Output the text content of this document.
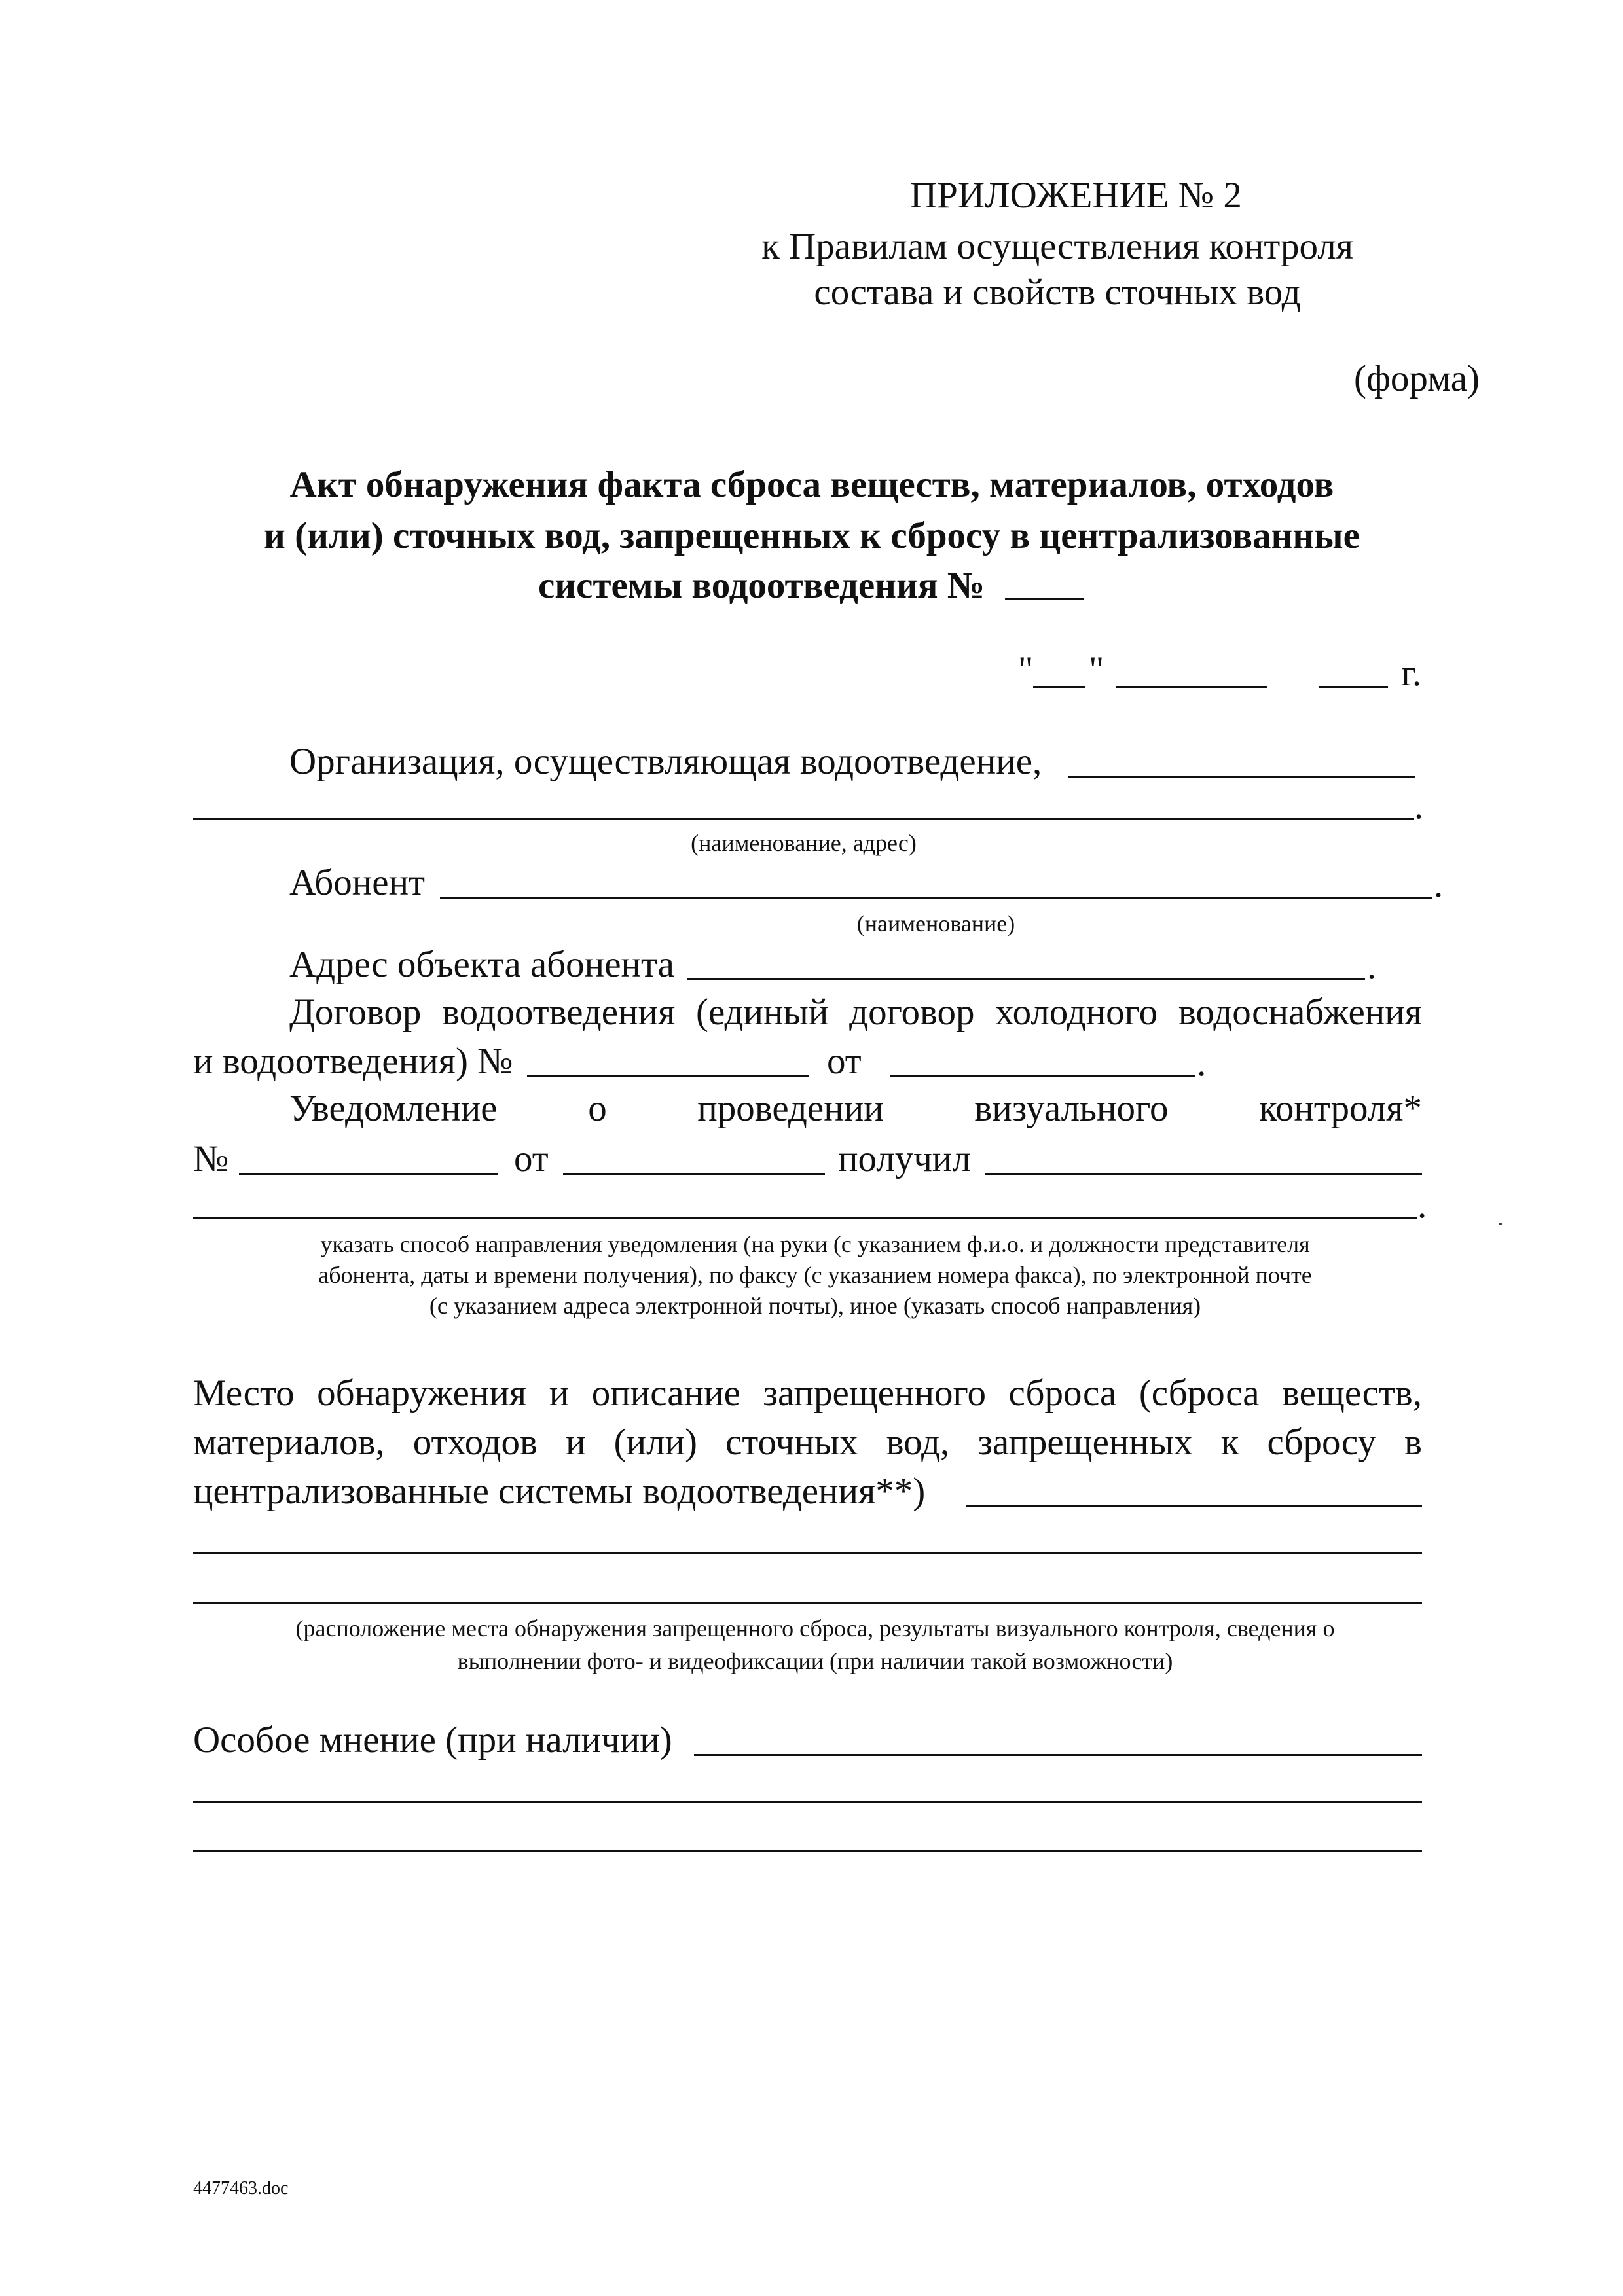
ПРИЛОЖЕНИЕ № 2
к Правилам осуществления контроля
состава и свойств сточных вод
(форма)
Акт обнаружения факта сброса веществ, материалов, отходов
и (или) сточных вод, запрещенных к сбросу в централизованные
системы водоотведения №
" "	г.
Организация, осуществляющая водоотведение,
.
(наименование, адрес)
Абонент	.
(наименование)
Адрес объекта абонента	.
Договор водоотведения (единый договор холодного водоснабжения
и водоотведения) №	от	.
Уведомление о проведении визуального контроля*
№	от	получил
.
указать способ направления уведомления (на руки (с указанием ф.и.о. и должности представителя
абонента, даты и времени получения), по факсу (с указанием номера факса), по электронной почте
(с указанием адреса электронной почты), иное (указать способ направления)
Место обнаружения и описание запрещенного сброса (сброса веществ,
материалов, отходов и (или) сточных вод, запрещенных к сбросу в
централизованные системы водоотведения**)
(расположение места обнаружения запрещенного сброса, результаты визуального контроля, сведения о
выполнении фото- и видеофиксации (при наличии такой возможности)
Особое мнение (при наличии)
4477463.doc
